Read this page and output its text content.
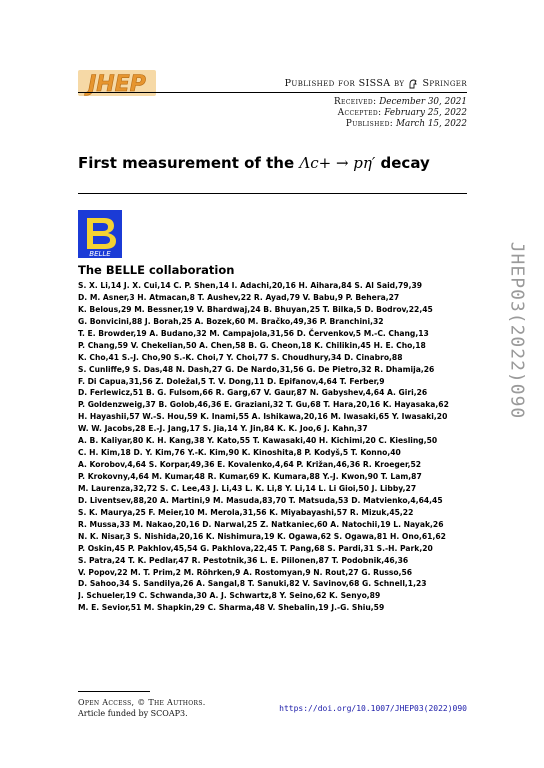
JHEP	Published for SISSA by Springer
Received: December 30, 2021
Accepted: February 25, 2022
Published: March 15, 2022
First measurement of the Λc+ → pη′ decay
BELLE
The BELLE collaboration
S. X. Li,14 J. X. Cui,14 C. P. Shen,14 I. Adachi,20,16 H. Aihara,84 S. Al Said,79,39
D. M. Asner,3 H. Atmacan,8 T. Aushev,22 R. Ayad,79 V. Babu,9 P. Behera,27
K. Belous,29 M. Bessner,19 V. Bhardwaj,24 B. Bhuyan,25 T. Bilka,5 D. Bodrov,22,45
G. Bonvicini,88 J. Borah,25 A. Bozek,60 M. Bračko,49,36 P. Branchini,32
T. E. Browder,19 A. Budano,32 M. Campajola,31,56 D. Červenkov,5 M.-C. Chang,13
P. Chang,59 V. Chekelian,50 A. Chen,58 B. G. Cheon,18 K. Chilikin,45 H. E. Cho,18
K. Cho,41 S.-J. Cho,90 S.-K. Choi,7 Y. Choi,77 S. Choudhury,34 D. Cinabro,88
S. Cunliffe,9 S. Das,48 N. Dash,27 G. De Nardo,31,56 G. De Pietro,32 R. Dhamija,26
F. Di Capua,31,56 Z. Doležal,5 T. V. Dong,11 D. Epifanov,4,64 T. Ferber,9
D. Ferlewicz,51 B. G. Fulsom,66 R. Garg,67 V. Gaur,87 N. Gabyshev,4,64 A. Giri,26
P. Goldenzweig,37 B. Golob,46,36 E. Graziani,32 T. Gu,68 T. Hara,20,16 K. Hayasaka,62
H. Hayashii,57 W.-S. Hou,59 K. Inami,55 A. Ishikawa,20,16 M. Iwasaki,65 Y. Iwasaki,20
W. W. Jacobs,28 E.-J. Jang,17 S. Jia,14 Y. Jin,84 K. K. Joo,6 J. Kahn,37
A. B. Kaliyar,80 K. H. Kang,38 Y. Kato,55 T. Kawasaki,40 H. Kichimi,20 C. Kiesling,50
C. H. Kim,18 D. Y. Kim,76 Y.-K. Kim,90 K. Kinoshita,8 P. Kodyš,5 T. Konno,40
A. Korobov,4,64 S. Korpar,49,36 E. Kovalenko,4,64 P. Križan,46,36 R. Kroeger,52
P. Krokovny,4,64 M. Kumar,48 R. Kumar,69 K. Kumara,88 Y.-J. Kwon,90 T. Lam,87
M. Laurenza,32,72 S. C. Lee,43 J. Li,43 L. K. Li,8 Y. Li,14 L. Li Gioi,50 J. Libby,27
D. Liventsev,88,20 A. Martini,9 M. Masuda,83,70 T. Matsuda,53 D. Matvienko,4,64,45
S. K. Maurya,25 F. Meier,10 M. Merola,31,56 K. Miyabayashi,57 R. Mizuk,45,22
R. Mussa,33 M. Nakao,20,16 D. Narwal,25 Z. Natkaniec,60 A. Natochii,19 L. Nayak,26
N. K. Nisar,3 S. Nishida,20,16 K. Nishimura,19 K. Ogawa,62 S. Ogawa,81 H. Ono,61,62
P. Oskin,45 P. Pakhlov,45,54 G. Pakhlova,22,45 T. Pang,68 S. Pardi,31 S.-H. Park,20
S. Patra,24 T. K. Pedlar,47 R. Pestotnik,36 L. E. Piilonen,87 T. Podobnik,46,36
V. Popov,22 M. T. Prim,2 M. Röhrken,9 A. Rostomyan,9 N. Rout,27 G. Russo,56
D. Sahoo,34 S. Sandilya,26 A. Sangal,8 T. Sanuki,82 V. Savinov,68 G. Schnell,1,23
J. Schueler,19 C. Schwanda,30 A. J. Schwartz,8 Y. Seino,62 K. Senyo,89
M. E. Sevior,51 M. Shapkin,29 C. Sharma,48 V. Shebalin,19 J.-G. Shiu,59
JHEP03(2022)090
Open Access, © The Authors.
Article funded by SCOAP3.
https://doi.org/10.1007/JHEP03(2022)090
